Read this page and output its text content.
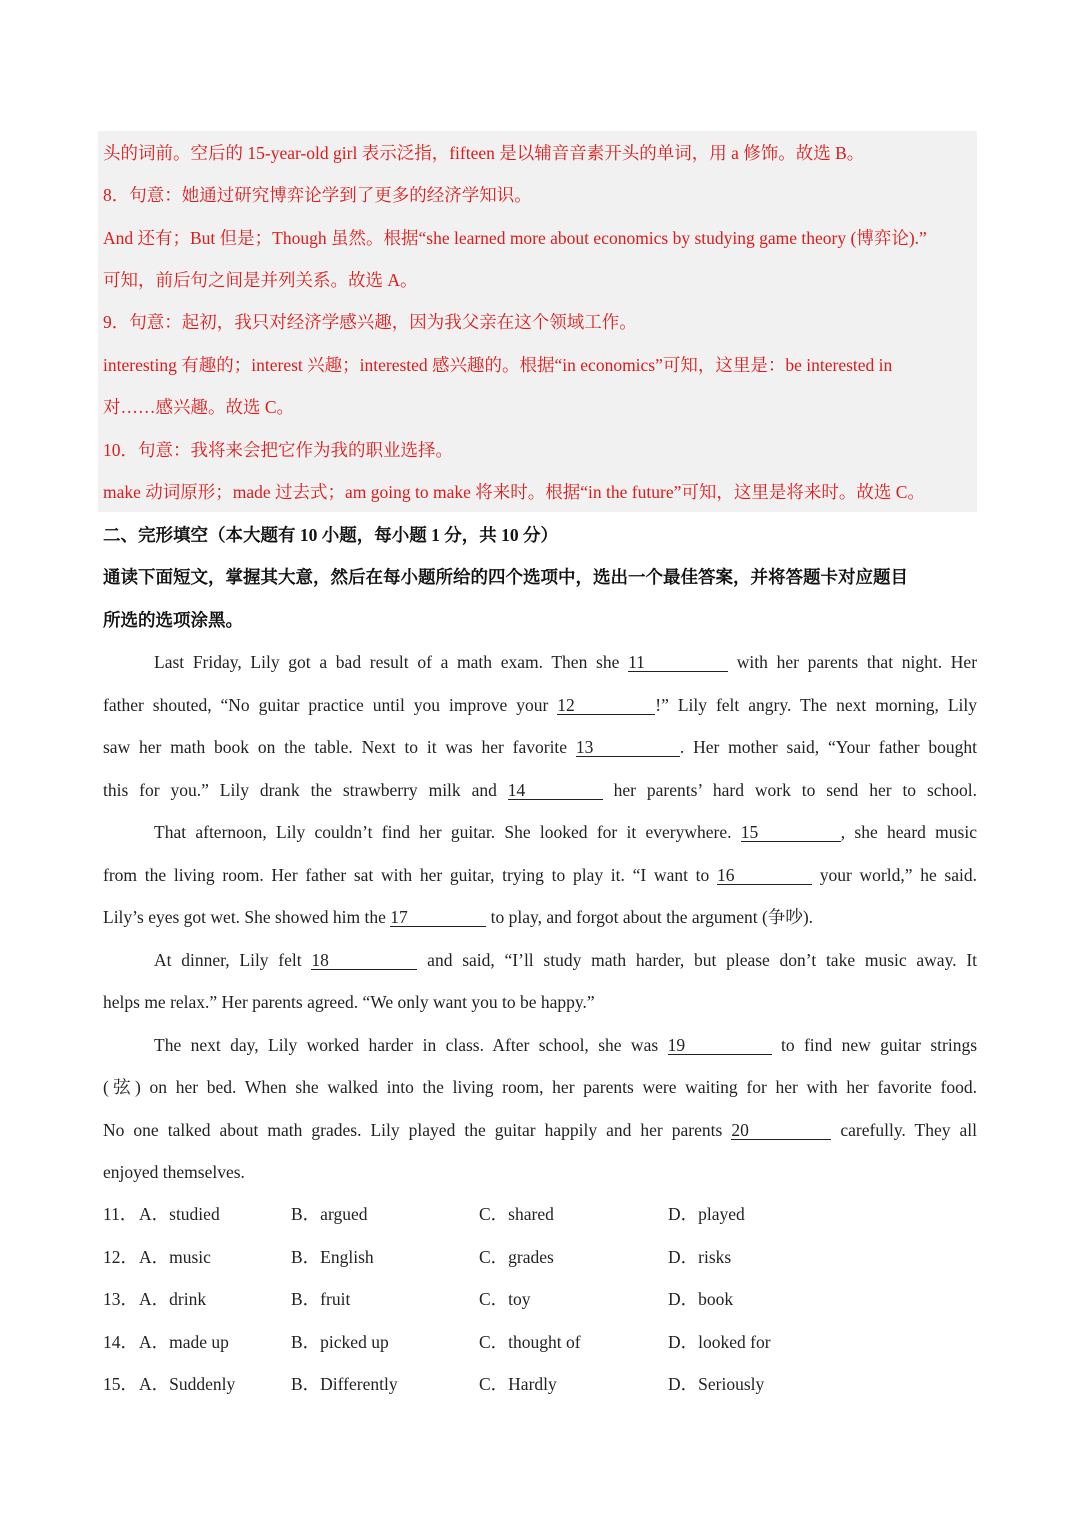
头的词前。空后的 15-year-old girl 表示泛指，fifteen 是以辅音音素开头的单词，用 a 修饰。故选 B。
8．句意：她通过研究博弈论学到了更多的经济学知识。
And 还有；But 但是；Though 虽然。根据“she learned more about economics by studying game theory (博弈论).”
可知，前后句之间是并列关系。故选 A。
9．句意：起初，我只对经济学感兴趣，因为我父亲在这个领域工作。
interesting 有趣的；interest 兴趣；interested 感兴趣的。根据“in economics”可知，这里是：be interested in
对……感兴趣。故选 C。
10．句意：我将来会把它作为我的职业选择。
make 动词原形；made 过去式；am going to make 将来时。根据“in the future”可知，这里是将来时。故选 C。
二、完形填空（本大题有 10 小题，每小题 1 分，共 10 分）
通读下面短文，掌握其大意，然后在每小题所给的四个选项中，选出一个最佳答案，并将答题卡对应题目
所选的选项涂黑。
Last Friday, Lily got a bad result of a math exam. Then she 11	with her parents that night. Her
father shouted, “No guitar practice until you improve your 12	!” Lily felt angry. The next morning, Lily
saw her math book on the table. Next to it was her favorite 13	. Her mother said, “Your father bought
this for you.” Lily drank the strawberry milk and 14	her parents’ hard work to send her to school.
That afternoon, Lily couldn’t find her guitar. She looked for it everywhere. 15	, she heard music
from the living room. Her father sat with her guitar, trying to play it. “I want to 16	your world,” he said.
Lily’s eyes got wet. She showed him the 17	to play, and forgot about the argument (争吵).
At dinner, Lily felt 18	and said, “I’ll study math harder, but please don’t take music away. It
helps me relax.” Her parents agreed. “We only want you to be happy.”
The next day, Lily worked harder in class. After school, she was 19	to find new guitar strings
(弦) on her bed. When she walked into the living room, her parents were waiting for her with her favorite food.
No one talked about math grades. Lily played the guitar happily and her parents 20	carefully. They all
enjoyed themselves.
11． A．studied	B．argued	C．shared	D．played
12． A．music	B．English	C．grades	D．risks
13． A．drink	B．fruit	C．toy	D．book
14． A．made up	B．picked up	C．thought of	D．looked for
15． A．Suddenly	B．Differently	C．Hardly	D．Seriously
